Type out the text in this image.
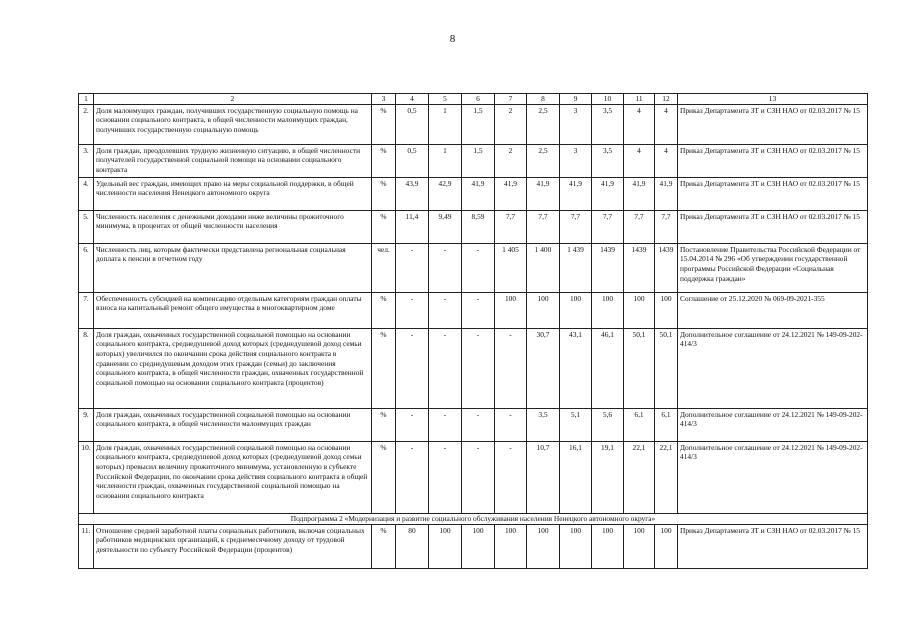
8
1	2	3	4	5	6	7	8	9	10	11	12	13
2.	Доля малоимущих граждан, получивших государственную социальную помощь на основании социального контракта, в общей численности малоимущих граждан, получивших государственную социальную помощь	%	0,5	1	1,5	2	2,5	3	3,5	4	4	Приказ Департамента ЗТ и СЗН НАО от 02.03.2017 № 15
3.	Доля граждан, преодолевших трудную жизненную ситуацию, в общей численности получателей государственной социальной помощи на основании социального контракта	%	0,5	1	1,5	2	2,5	3	3,5	4	4	Приказ Департамента ЗТ и СЗН НАО от 02.03.2017 № 15
4.	Удельный вес граждан, имеющих право на меры социальной поддержки, в общей численности населения Ненецкого автономного округа	%	43,9	42,9	41,9	41,9	41,9	41,9	41,9	41,9	41,9	Приказ Департамента ЗТ и СЗН НАО от 02.03.2017 № 15
5.	Численность населения с денежными доходами ниже величины прожиточного минимума, в процентах от общей численности населения	%	11,4	9,49	8,59	7,7	7,7	7,7	7,7	7,7	7,7	Приказ Департамента ЗТ и СЗН НАО от 02.03.2017 № 15
6.	Численность лиц, которым фактически представлена региональная социальная доплата к пенсии в отчетном году	чел.	-	-	-	1 405	1 400	1 439	1439	1439	1439	Постановление Правительства Российской Федерации от 15.04.2014 № 296 «Об утверждении государственной программы Российской Федерации «Социальная поддержка граждан»
7.	Обеспеченность субсидией на компенсацию отдельным категориям граждан оплаты взноса на капитальный ремонт общего имущества в многоквартирном доме	%	-	-	-	100	100	100	100	100	100	Соглашение от 25.12.2020 № 069-09-2021-355
8.	Доля граждан, охваченных государственной социальной помощью на основании социального контракта, среднедушевой доход которых (среднедушевой доход семьи которых) увеличился по окончании срока действия социального контракта в сравнении со среднедушевым доходом этих граждан (семьи) до заключения социального контракта, в общей численности граждан, охваченных государственной социальной помощью на основании социального контракта (процентов)	%	-	-	-	-	30,7	43,1	46,1	50,1	50,1	Дополнительное соглашение от 24.12.2021 № 149-09-202-414/3
9.	Доля граждан, охваченных государственной социальной помощью на основании социального контракта, в общей численности малоимущих граждан	%	-	-	-	-	3,5	5,1	5,6	6,1	6,1	Дополнительное соглашение от 24.12.2021 № 149-09-202-414/3
10.	Доля граждан, охваченных государственной социальной помощью на основании социального контракта, среднедушевой доход которых (среднедушевой доход семьи которых) превысил величину прожиточного минимума, установленную в субъекте Российской Федерации, по окончании срока действия социального контракта в общей численности граждан, охваченных государственной социальной помощью на основании социального контракта	%	-	-	-	-	10,7	16,1	19,1	22,1	22,1	Дополнительное соглашение от 24.12.2021 № 149-09-202-414/3
Подпрограмма 2 «Модернизация и развитие социального обслуживания населения Ненецкого автономного округа»												
11.	Отношение средней заработной платы социальных работников, включая социальных работников медицинских организаций, к среднемесячному доходу от трудовой деятельности по субъекту Российской Федерации (процентов)	%	80	100	100	100	100	100	100	100	100	Приказ Департамента ЗТ и СЗН НАО от 02.03.2017 № 15
